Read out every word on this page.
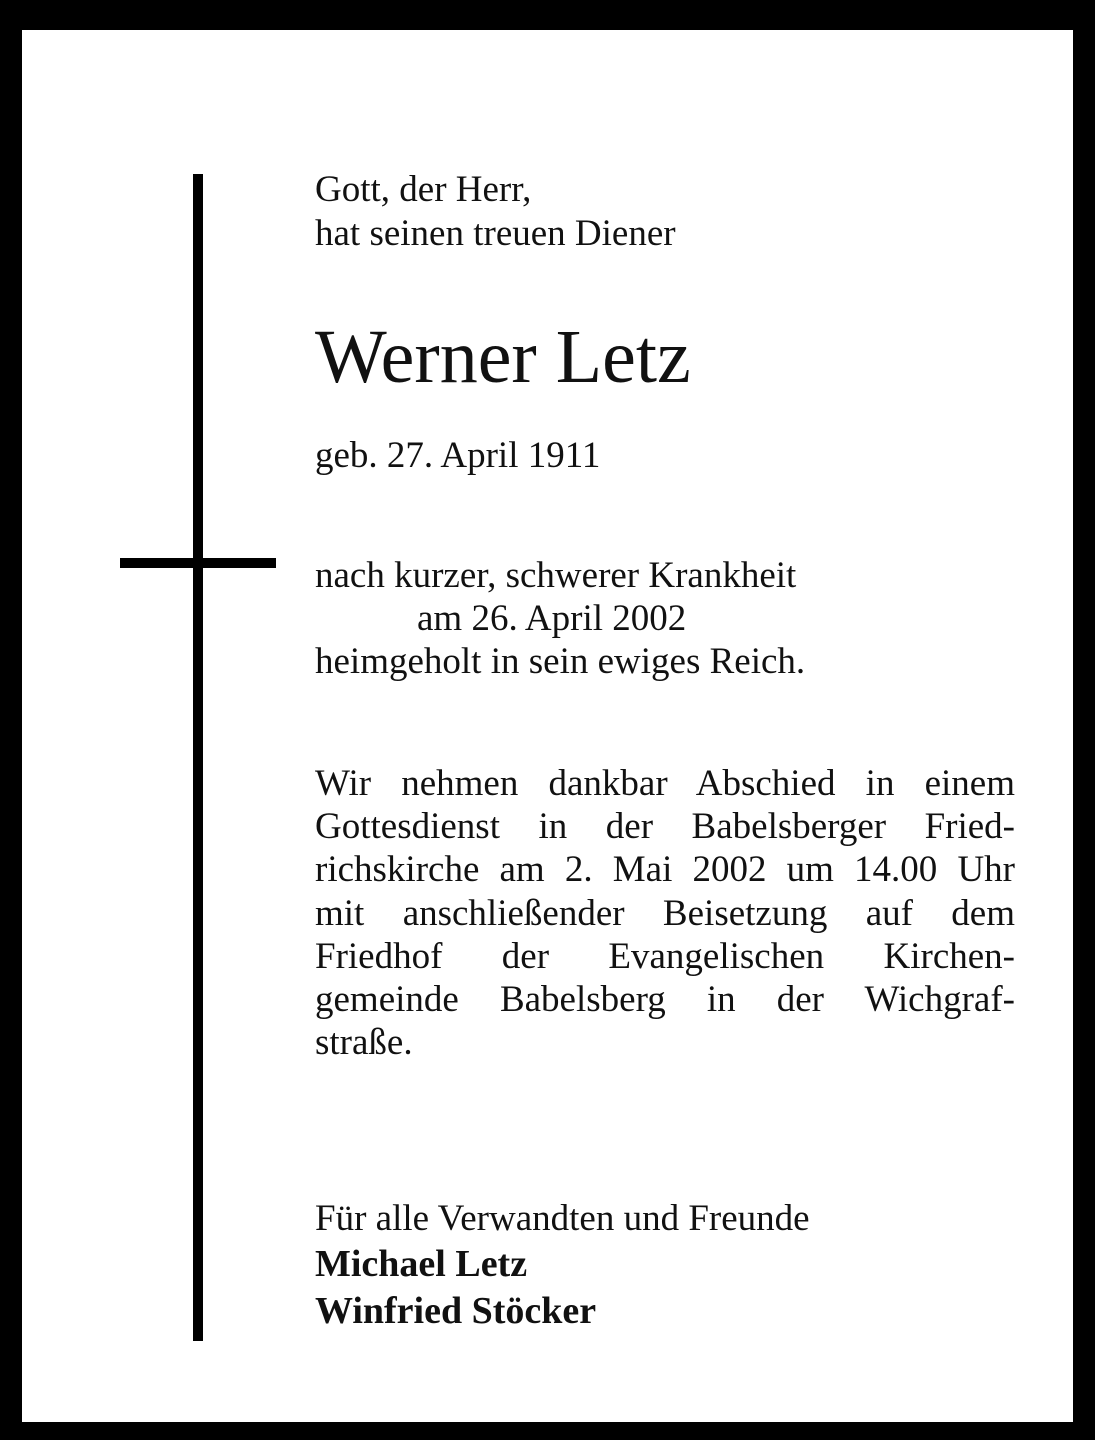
Gott, der Herr,
hat seinen treuen Diener
Werner Letz
geb. 27. April 1911
nach kurzer, schwerer Krankheit
am 26. April 2002
heimgeholt in sein ewiges Reich.
Wir nehmen dankbar Abschied in einem
Gottesdienst in der Babelsberger Fried-
richskirche am 2. Mai 2002 um 14.00 Uhr
mit anschließender Beisetzung auf dem
Friedhof der Evangelischen Kirchen-
gemeinde Babelsberg in der Wichgraf-
straße.
Für alle Verwandten und Freunde
Michael Letz
Winfried Stöcker
